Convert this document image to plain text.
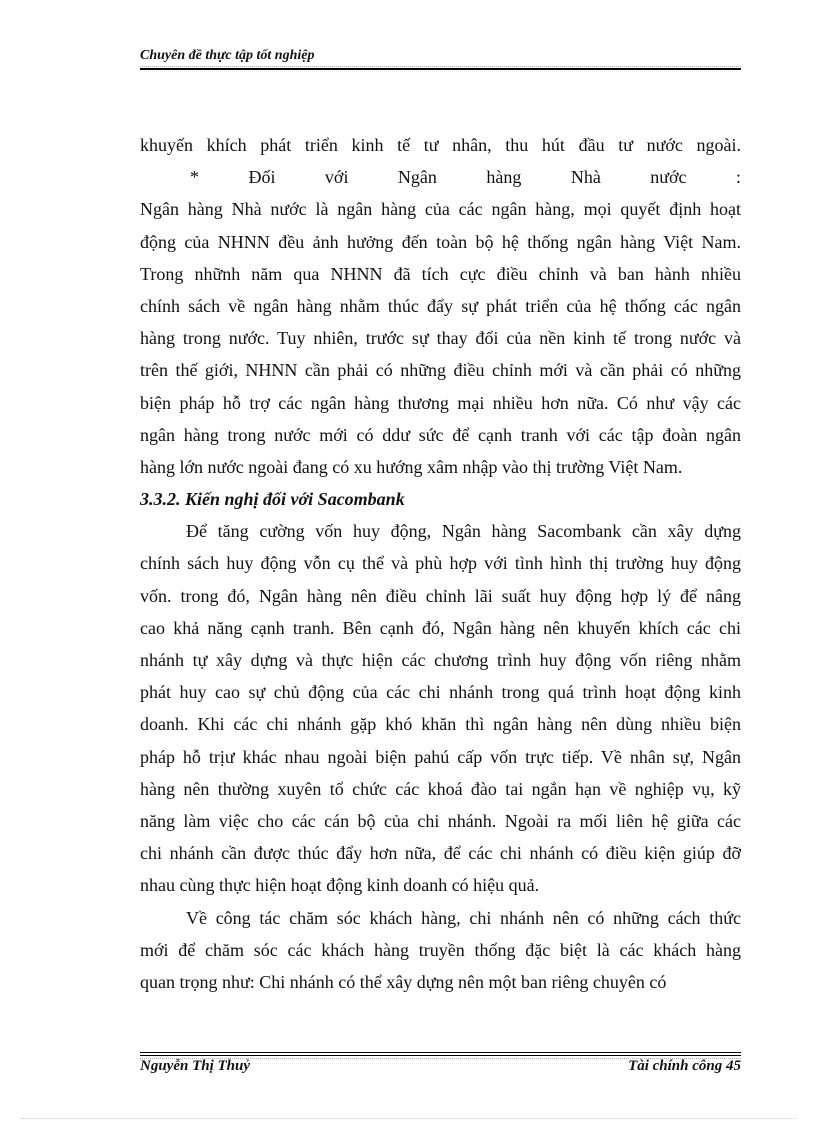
Chuyên đề thực tập tốt nghiệp
khuyến khích phát triển kinh tế tư nhân, thu hút đầu tư nước ngoài.
* Đối với Ngân hàng Nhà nước :
Ngân hàng Nhà nước là ngân hàng của các ngân hàng, mọi quyết định hoạt
động của NHNN đều ảnh hưởng đến toàn bộ hệ thống ngân hàng Việt Nam.
Trong nhữnh năm qua NHNN đã tích cực điều chỉnh và ban hành nhiều
chính sách về ngân hàng nhằm thúc đẩy sự phát triển của hệ thống các ngân
hàng trong nước. Tuy nhiên, trước sự thay đổi của nền kinh tế trong nước và
trên thế giới, NHNN cần phải có những điều chỉnh mới và cần phải có những
biện pháp hỗ trợ các ngân hàng thương mại nhiều hơn nữa. Có như vậy các
ngân hàng trong nước mới có ddư sức để cạnh tranh với các tập đoàn ngân
hàng lớn nước ngoài đang có xu hướng xâm nhập vào thị trường Việt Nam.
3.3.2. Kiến nghị đối với Sacombank
Để tăng cường vốn huy động, Ngân hàng Sacombank cần xây dựng
chính sách huy động vỗn cụ thể và phù hợp với tình hình thị trường huy động
vốn. trong đó, Ngân hàng nên điều chỉnh lãi suất huy động hợp lý để nâng
cao khả năng cạnh tranh. Bên cạnh đó, Ngân hàng nên khuyến khích các chi
nhánh tự xây dựng và thực hiện các chương trình huy động vốn riêng nhằm
phát huy cao sự chủ động của các chi nhánh trong quá trình hoạt động kinh
doanh. Khi các chi nhánh gặp khó khăn thì ngân hàng nên dùng nhiều biện
pháp hỗ trịư khác nhau ngoài biện pahú cấp vốn trực tiếp. Về nhân sự, Ngân
hàng nên thường xuyên tổ chức các khoá đào tai ngắn hạn về nghiệp vụ, kỹ
năng làm việc cho các cán bộ của chi nhánh. Ngoài ra mối liên hệ giữa các
chi nhánh cần được thúc đẩy hơn nữa, để các chi nhánh có điều kiện giúp đỡ
nhau cùng thực hiện hoạt động kinh doanh có hiệu quả.
Về công tác chăm sóc khách hàng, chi nhánh nên có những cách thức
mới để chăm sóc các khách hàng truyền thống đặc biệt là các khách hàng
quan trọng như: Chi nhánh có thể xây dựng nên một ban riêng chuyên có
Nguyễn Thị Thuỷ	Tài chính công 45
